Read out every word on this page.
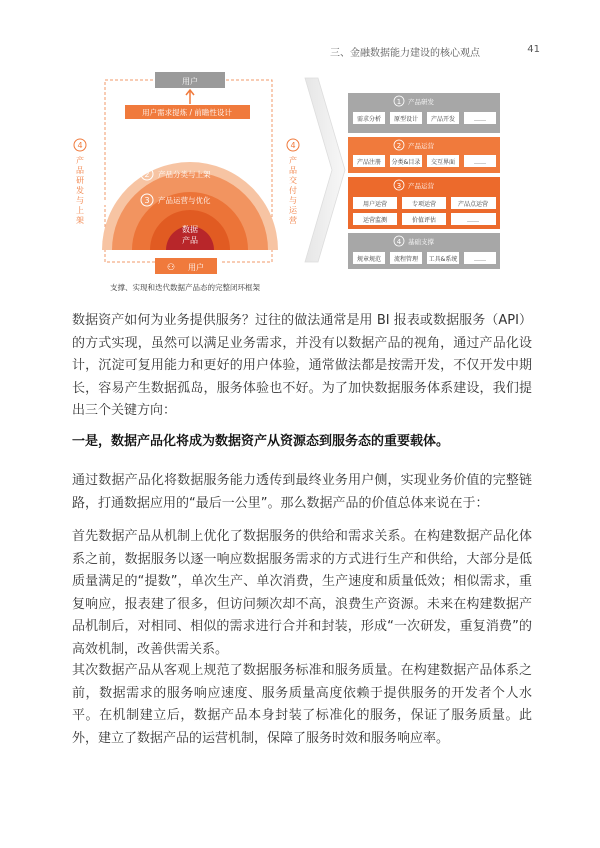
三、金融数据能力建设的核心观点	41
用户
用户需求提炼 / 前瞻性设计
1 产品规划与研发
2 产品分类与上架
3 产品运营与优化
数据
产品
⚇ 用户
4
产
品
研
发
与
上
架
4
产
品
交
付
与
运
营
1 产品研发
需求分析 原型设计 产品开发	……
2 产品运营
产品注册 分类&目录 交互界面	……
3 产品运营
用户运营	专项运营	产品点运营
运营监测	价值评估	……
4 基础支撑
规章规范 流程管理 工具&系统	……
支撑、实现和迭代数据产品态的完整闭环框架
数据资产如何为业务提供服务？过往的做法通常是用 BI 报表或数据服务（API）的方式实现，虽然可以满足业务需求，并没有以数据产品的视角，通过产品化设计，沉淀可复用能力和更好的用户体验，通常做法都是按需开发，不仅开发中期长，容易产生数据孤岛，服务体验也不好。为了加快数据服务体系建设，我们提出三个关键方向：
一是，数据产品化将成为数据资产从资源态到服务态的重要载体。
通过数据产品化将数据服务能力透传到最终业务用户侧，实现业务价值的完整链路，打通数据应用的“最后一公里”。那么数据产品的价值总体来说在于：
首先数据产品从机制上优化了数据服务的供给和需求关系。在构建数据产品化体系之前，数据服务以逐一响应数据服务需求的方式进行生产和供给，大部分是低质量满足的“提数”，单次生产、单次消费，生产速度和质量低效；相似需求，重复响应，报表建了很多，但访问频次却不高，浪费生产资源。未来在构建数据产品机制后，对相同、相似的需求进行合并和封装，形成“一次研发，重复消费”的高效机制，改善供需关系。
其次数据产品从客观上规范了数据服务标准和服务质量。在构建数据产品体系之前，数据需求的服务响应速度、服务质量高度依赖于提供服务的开发者个人水平。在机制建立后，数据产品本身封装了标准化的服务，保证了服务质量。此外，建立了数据产品的运营机制，保障了服务时效和服务响应率。
